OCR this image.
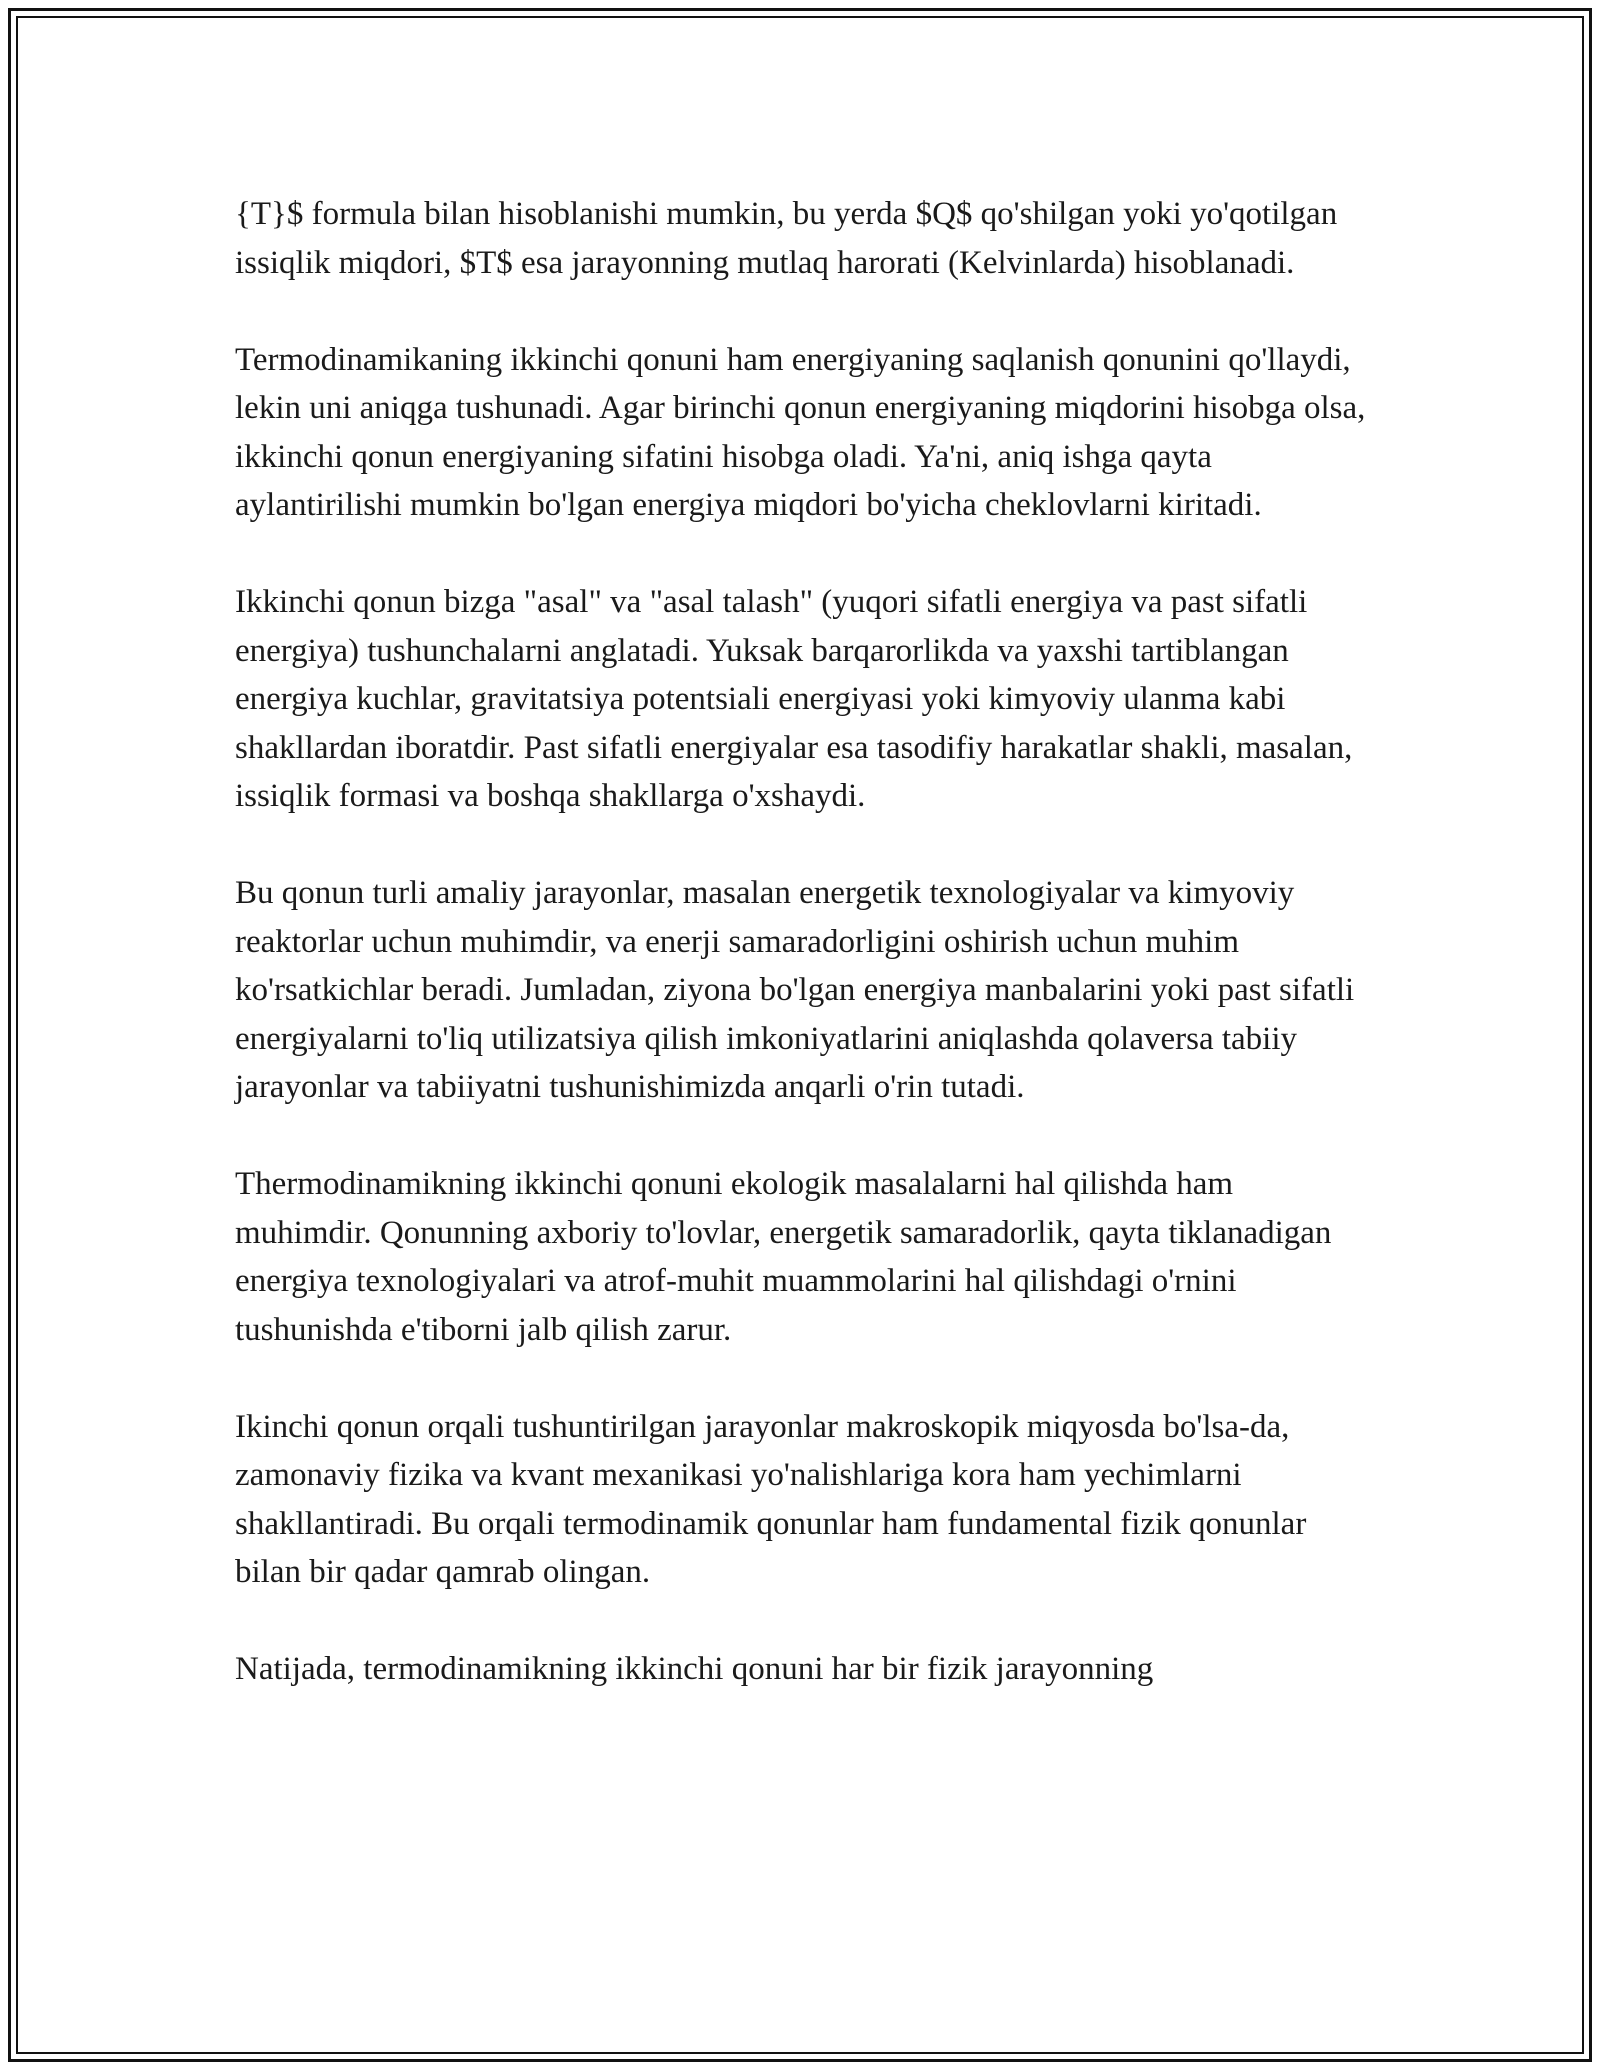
{T}$ formula bilan hisoblanishi mumkin, bu yerda $Q$ qo'shilgan yoki yo'qotilgan issiqlik miqdori, $T$ esa jarayonning mutlaq harorati (Kelvinlarda) hisoblanadi.

Termodinamikaning ikkinchi qonuni ham energiyaning saqlanish qonunini qo'llaydi, lekin uni aniqga tushunadi. Agar birinchi qonun energiyaning miqdorini hisobga olsa, ikkinchi qonun energiyaning sifatini hisobga oladi. Ya'ni, aniq ishga qayta aylantirilishi mumkin bo'lgan energiya miqdori bo'yicha cheklovlarni kiritadi.

Ikkinchi qonun bizga "asal" va "asal talash" (yuqori sifatli energiya va past sifatli energiya) tushunchalarni anglatadi. Yuksak barqarorlikda va yaxshi tartiblangan energiya kuchlar, gravitatsiya potentsiali energiyasi yoki kimyoviy ulanma kabi shakllardan iboratdir. Past sifatli energiyalar esa tasodifiy harakatlar shakli, masalan, issiqlik formasi va boshqa shakllarga o'xshaydi.

Bu qonun turli amaliy jarayonlar, masalan energetik texnologiyalar va kimyoviy reaktorlar uchun muhimdir, va enerji samaradorligini oshirish uchun muhim ko'rsatkichlar beradi. Jumladan, ziyona bo'lgan energiya manbalarini yoki past sifatli energiyalarni to'liq utilizatsiya qilish imkoniyatlarini aniqlashda qolaversa tabiiy jarayonlar va tabiiyatni tushunishimizda anqarli o'rin tutadi.

Thermodinamikning ikkinchi qonuni ekologik masalalarni hal qilishda ham muhimdir. Qonunning axboriy to'lovlar, energetik samaradorlik, qayta tiklanadigan energiya texnologiyalari va atrof-muhit muammolarini hal qilishdagi o'rnini tushunishda e'tiborni jalb qilish zarur.

Ikinchi qonun orqali tushuntirilgan jarayonlar makroskopik miqyosda bo'lsa-da, zamonaviy fizika va kvant mexanikasi yo'nalishlariga kora ham yechimlarni shakllantiradi. Bu orqali termodinamik qonunlar ham fundamental fizik qonunlar bilan bir qadar qamrab olingan.

Natijada, termodinamikning ikkinchi qonuni har bir fizik jarayonning
